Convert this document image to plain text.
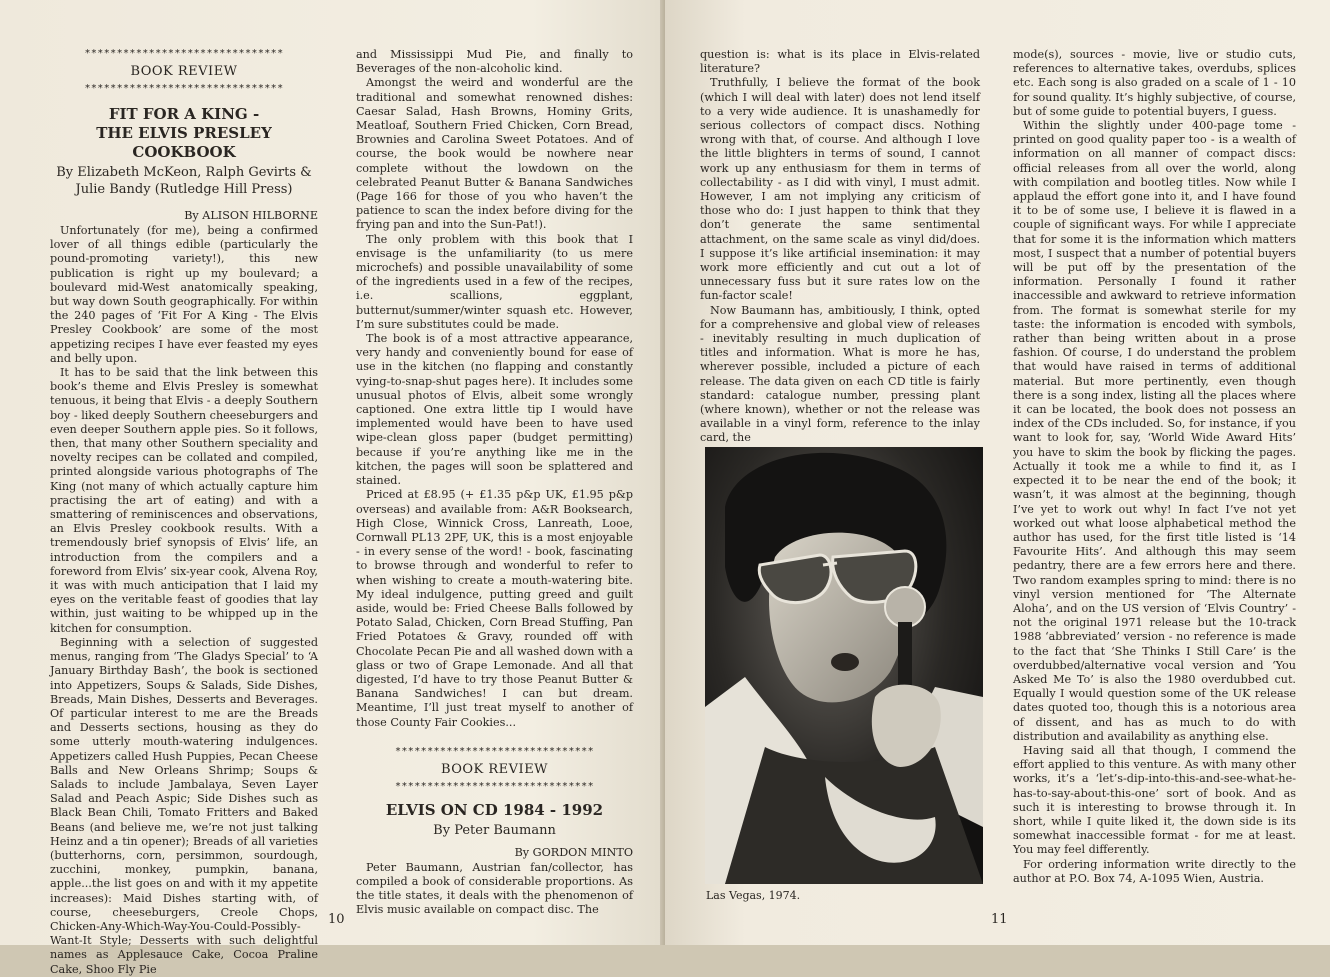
*******************************
BOOK REVIEW
*******************************
FIT FOR A KING -
THE ELVIS PRESLEY COOKBOOK
By Elizabeth McKeon, Ralph Gevirts &
Julie Bandy (Rutledge Hill Press)
By ALISON HILBORNE

Unfortunately (for me), being a confirmed lover of all things edible (particularly the pound-promoting variety!), this new publication is right up my boulevard; a boulevard mid-West anatomically speaking, but way down South geographically. For within the 240 pages of ‘Fit For A King - The Elvis Presley Cookbook’ are some of the most appetizing recipes I have ever feasted my eyes and belly upon.

It has to be said that the link between this book’s theme and Elvis Presley is somewhat tenuous, it being that Elvis - a deeply Southern boy - liked deeply Southern cheeseburgers and even deeper Southern apple pies. So it follows, then, that many other Southern speciality and novelty recipes can be collated and compiled, printed alongside various photographs of The King (not many of which actually capture him practising the art of eating) and with a smattering of reminiscences and observations, an Elvis Presley cookbook results. With a tremendously brief synopsis of Elvis’ life, an introduction from the compilers and a foreword from Elvis’ six-year cook, Alvena Roy, it was with much anticipation that I laid my eyes on the veritable feast of goodies that lay within, just waiting to be whipped up in the kitchen for consumption.

Beginning with a selection of suggested menus, ranging from ‘The Gladys Special’ to ‘A January Birthday Bash’, the book is sectioned into Appetizers, Soups & Salads, Side Dishes, Breads, Main Dishes, Desserts and Beverages. Of particular interest to me are the Breads and Desserts sections, housing as they do some utterly mouth-watering indulgences. Appetizers called Hush Puppies, Pecan Cheese Balls and New Orleans Shrimp; Soups & Salads to include Jambalaya, Seven Layer Salad and Peach Aspic; Side Dishes such as Black Bean Chili, Tomato Fritters and Baked Beans (and believe me, we’re not just talking Heinz and a tin opener); Breads of all varieties (butterhorns, corn, persimmon, sourdough, zucchini, monkey, pumpkin, banana, apple...the list goes on and with it my appetite increases): Maid Dishes starting with, of course, cheeseburgers, Creole Chops, Chicken-Any-Which-Way-You-Could-Possibly-Want-It Style; Desserts with such delightful names as Applesauce Cake, Cocoa Praline Cake, Shoo Fly Pie

and Mississippi Mud Pie, and finally to Beverages of the non-alcoholic kind.

Amongst the weird and wonderful are the traditional and somewhat renowned dishes: Caesar Salad, Hash Browns, Hominy Grits, Meatloaf, Southern Fried Chicken, Corn Bread, Brownies and Carolina Sweet Potatoes. And of course, the book would be nowhere near complete without the lowdown on the celebrated Peanut Butter & Banana Sandwiches (Page 166 for those of you who haven’t the patience to scan the index before diving for the frying pan and into the Sun-Pat!).

The only problem with this book that I envisage is the unfamiliarity (to us mere microchefs) and possible unavailability of some of the ingredients used in a few of the recipes, i.e. scallions, eggplant, butternut/summer/winter squash etc. However, I’m sure substitutes could be made.

The book is of a most attractive appearance, very handy and conveniently bound for ease of use in the kitchen (no flapping and constantly vying-to-snap-shut pages here). It includes some unusual photos of Elvis, albeit some wrongly captioned. One extra little tip I would have implemented would have been to have used wipe-clean gloss paper (budget permitting) because if you’re anything like me in the kitchen, the pages will soon be splattered and stained.

Priced at £8.95 (+ £1.35 p&p UK, £1.95 p&p overseas) and available from: A&R Booksearch, High Close, Winnick Cross, Lanreath, Looe, Cornwall PL13 2PF, UK, this is a most enjoyable - in every sense of the word! - book, fascinating to browse through and wonderful to refer to when wishing to create a mouth-watering bite. My ideal indulgence, putting greed and guilt aside, would be: Fried Cheese Balls followed by Potato Salad, Chicken, Corn Bread Stuffing, Pan Fried Potatoes & Gravy, rounded off with Chocolate Pecan Pie and all washed down with a glass or two of Grape Lemonade. And all that digested, I’d have to try those Peanut Butter & Banana Sandwiches! I can but dream. Meantime, I’ll just treat myself to another of those County Fair Cookies...

*******************************
BOOK REVIEW
*******************************
ELVIS ON CD 1984 - 1992
By Peter Baumann
By GORDON MINTO

Peter Baumann, Austrian fan/collector, has compiled a book of considerable proportions. As the title states, it deals with the phenomenon of Elvis music available on compact disc. The

10

question is: what is its place in Elvis-related literature?

Truthfully, I believe the format of the book (which I will deal with later) does not lend itself to a very wide audience. It is unashamedly for serious collectors of compact discs. Nothing wrong with that, of course. And although I love the little blighters in terms of sound, I cannot work up any enthusiasm for them in terms of collectability - as I did with vinyl, I must admit. However, I am not implying any criticism of those who do: I just happen to think that they don’t generate the same sentimental attachment, on the same scale as vinyl did/does. I suppose it’s like artificial insemination: it may work more efficiently and cut out a lot of unnecessary fuss but it sure rates low on the fun-factor scale!

Now Baumann has, ambitiously, I think, opted for a comprehensive and global view of releases - inevitably resulting in much duplication of titles and information. What is more he has, wherever possible, included a picture of each release. The data given on each CD title is fairly standard: catalogue number, pressing plant (where known), whether or not the release was available in a vinyl form, reference to the inlay card, the

mode(s), sources - movie, live or studio cuts, references to alternative takes, overdubs, splices etc. Each song is also graded on a scale of 1 - 10 for sound quality. It’s highly subjective, of course, but of some guide to potential buyers, I guess.

Within the slightly under 400-page tome - printed on good quality paper too - is a wealth of information on all manner of compact discs: official releases from all over the world, along with compilation and bootleg titles. Now while I applaud the effort gone into it, and I have found it to be of some use, I believe it is flawed in a couple of significant ways. For while I appreciate that for some it is the information which matters most, I suspect that a number of potential buyers will be put off by the presentation of the information. Personally I found it rather inaccessible and awkward to retrieve information from. The format is somewhat sterile for my taste: the information is encoded with symbols, rather than being written about in a prose fashion. Of course, I do understand the problem that would have raised in terms of additional material. But more pertinently, even though there is a song index, listing all the places where it can be located, the book does not possess an index of the CDs included. So, for instance, if you want to look for, say, ‘World Wide Award Hits’ you have to skim the book by flicking the pages. Actually it took me a while to find it, as I expected it to be near the end of the book; it wasn’t, it was almost at the beginning, though I’ve yet to work out why! In fact I’ve not yet worked out what loose alphabetical method the author has used, for the first title listed is ‘14 Favourite Hits’. And although this may seem pedantry, there are a few errors here and there. Two random examples spring to mind: there is no vinyl version mentioned for ‘The Alternate Aloha’, and on the US version of ‘Elvis Country’ - not the original 1971 release but the 10-track 1988 ‘abbreviated’ version - no reference is made to the fact that ‘She Thinks I Still Care’ is the overdubbed/alternative vocal version and ‘You Asked Me To’ is also the 1980 overdubbed cut. Equally I would question some of the UK release dates quoted too, though this is a notorious area of dissent, and has as much to do with distribution and availability as anything else.

Having said all that though, I commend the effort applied to this venture. As with many other works, it’s a ‘let’s-dip-into-this-and-see-what-he-has-to-say-about-this-one’ sort of book. And as such it is interesting to browse through it. In short, while I quite liked it, the down side is its somewhat inaccessible format - for me at least. You may feel differently.

For ordering information write directly to the author at P.O. Box 74, A-1095 Wien, Austria.

11
Las Vegas, 1974.
